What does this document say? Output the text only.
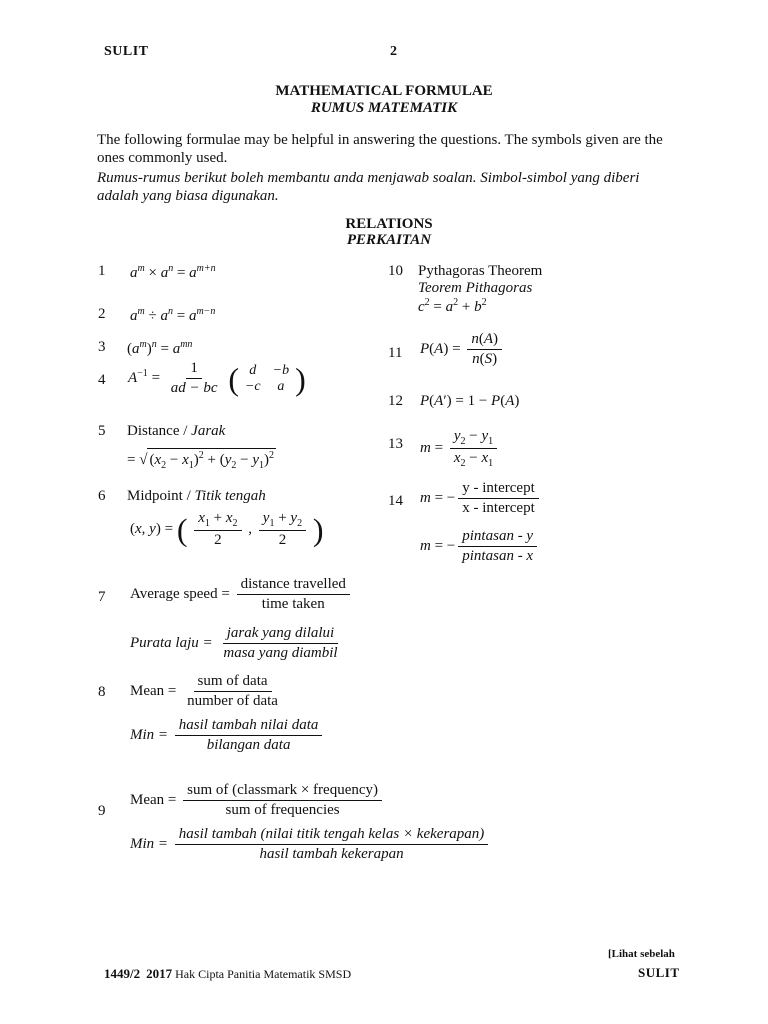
SULIT	2
MATHEMATICAL FORMULAE
RUMUS MATEMATIK
The following formulae may be helpful in answering the questions. The symbols given are the ones commonly used.
Rumus-rumus berikut boleh membantu anda menjawab soalan. Simbol-simbol yang diberi adalah yang biasa digunakan.
RELATIONS
PERKAITAN
1 $a^m \times a^n = a^{m+n}$
2 $a^m \div a^n = a^{m-n}$
3 $(a^m)^n = a^{mn}$
4 $A^{-1} = \frac{1}{ad - bc}$
( d	−b
−c	a )
5 Distance / Jarak
= √ $(x_2 - x_1)^2 + (y_2 - y_1)^2$
6 Midpoint / Titik tengah
(x, y) = ( $\frac{x_1 + x_2}{2}$ , $\frac{y_1 + y_2}{2}$ )
7 Average speed = $\frac{\text{distance travelled}}{\text{time taken}}$
Purata laju = $\frac{\text{jarak yang dilalui}}{\text{masa yang diambil}}$
8 Mean = $\frac{\text{sum of data}}{\text{number of data}}$
Min = $\frac{\text{hasil tambah nilai data}}{\text{bilangan data}}$
9
Mean = $\frac{\text{sum of (classmark × frequency)}}{\text{sum of frequencies}}$
Min = $\frac{\text{hasil tambah (nilai titik tengah kelas × kekerapan)}}{\text{hasil tambah kekerapan}}$
10 Pythagoras Theorem
Teorem Pithagoras
$c^2 = a^2 + b^2$
11 $P(A) = \frac{n(A)}{n(S)}$
12 P(A′) = 1 − P(A)
13 $m = \frac{y_2 - y_1}{x_2 - x_1}$
14 m = − $\frac{\text{y - intercept}}{\text{x - intercept}}$
m = − $\frac{\text{pintasan - y}}{\text{pintasan - x}}$
[Lihat sebelah
SULIT
1449/2 2017 Hak Cipta Panitia Matematik SMSD
